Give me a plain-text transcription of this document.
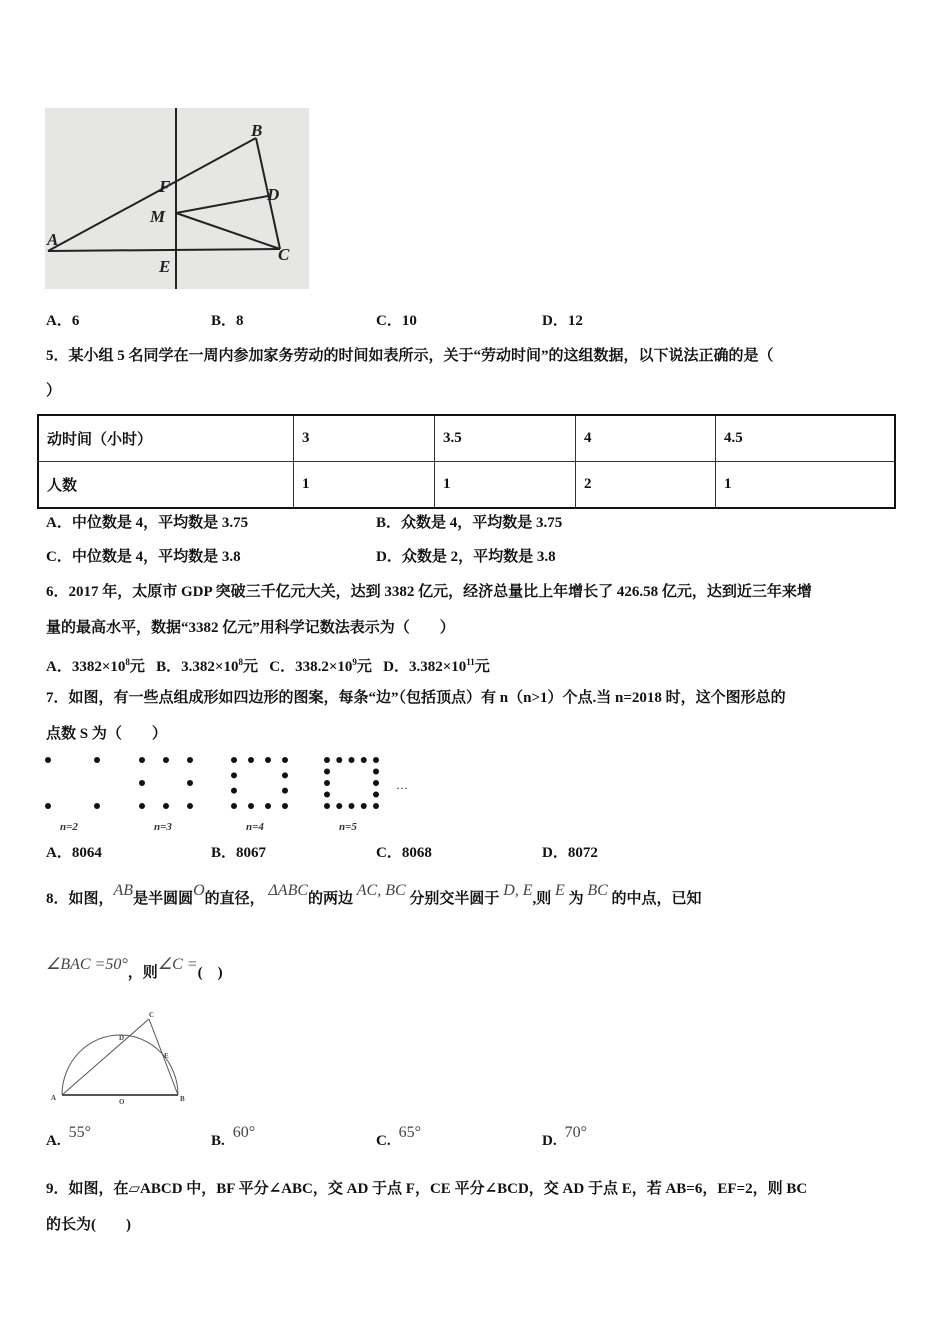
A
B
C
D
E
F
M
A．6	B．8	C．10	D．12
5．某小组 5 名同学在一周内参加家务劳动的时间如表所示，关于“劳动时间”的这组数据，以下说法正确的是（
）
动时间（小时）	3	3.5	4	4.5
人数	1	1	2	1
A．中位数是 4，平均数是 3.75	B．众数是 4，平均数是 3.75
C．中位数是 4，平均数是 3.8	D．众数是 2，平均数是 3.8
6．2017 年，太原市 GDP 突破三千亿元大关，达到 3382 亿元，经济总量比上年增长了 426.58 亿元，达到近三年来增
量的最高水平，数据“3382 亿元”用科学记数法表示为（　　）
A．$3382\times 10^8$元 B．$3.382\times 10^8$元 C．$338.2\times 10^9$元 D．$3.382\times 10^{11}$元
7．如图，有一些点组成形如四边形的图案，每条“边”（包括顶点）有 n（n>1）个点.当 n=2018 时，这个图形总的
点数 S 为（　　）
n=2	n=3	n=4	n=5
…
A．8064	B．8067	C．8068	D．8072
8．如图，AB是半圆圆O的直径， ΔABC的两边 AC, BC 分别交半圆于 D, E,则 E 为 BC 的中点，已知
∠BAC =50°，则∠C =(　)
A	O	B
C
D
E
A. 55°	B. 60°	C. 65°	D. 70°
9．如图，在▱ABCD 中，BF 平分∠ABC，交 AD 于点 F，CE 平分∠BCD，交 AD 于点 E，若 AB=6，EF=2，则 BC
的长为(　　)
